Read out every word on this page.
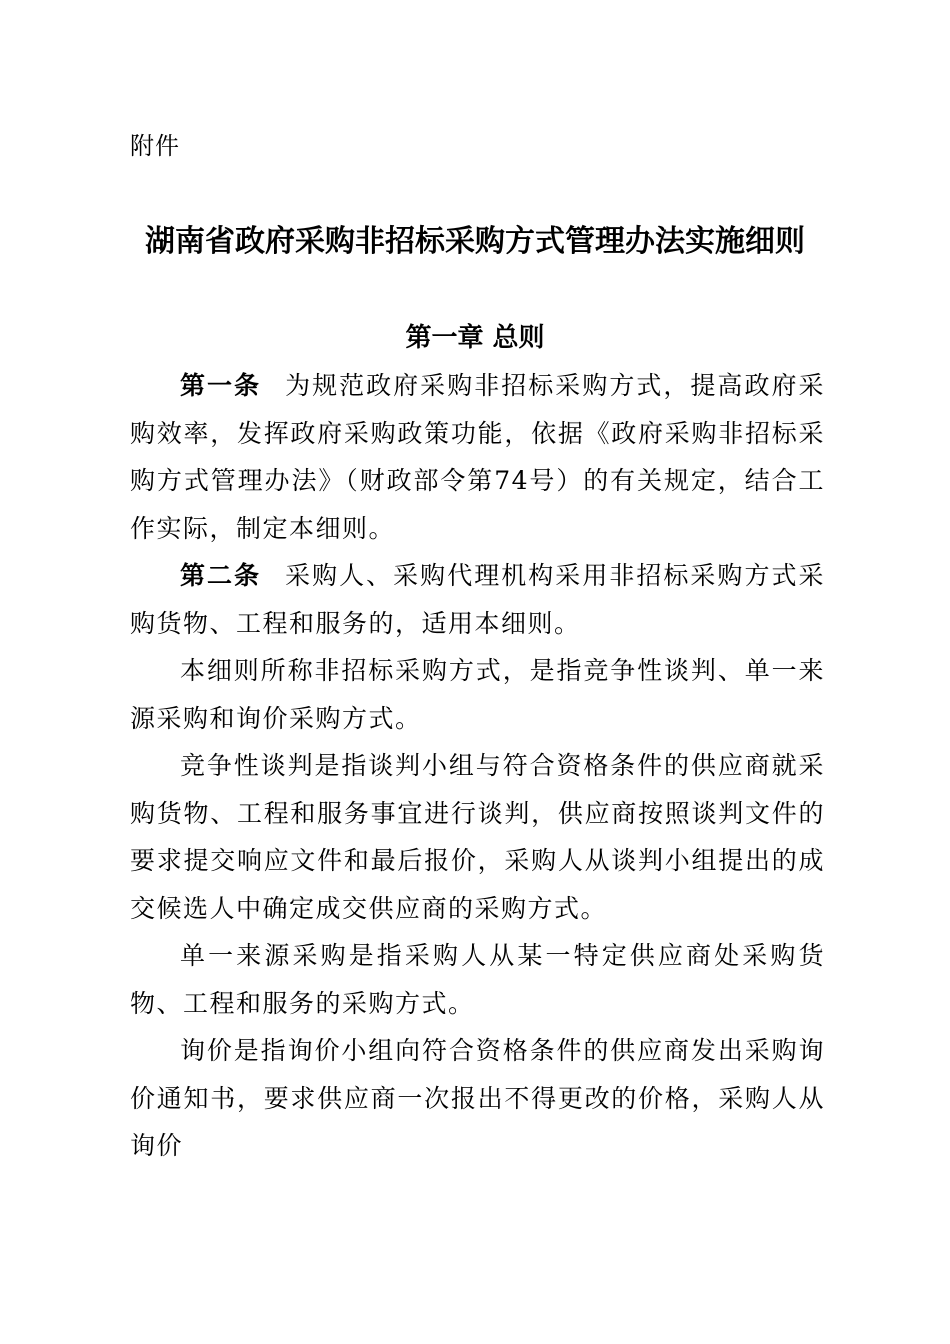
附件
湖南省政府采购非招标采购方式管理办法实施细则
第一章 总则

第一条 为规范政府采购非招标采购方式，提高政府采购效率，发挥政府采购政策功能，依据《政府采购非招标采购方式管理办法》（财政部令第74号）的有关规定，结合工作实际，制定本细则。

第二条 采购人、采购代理机构采用非招标采购方式采购货物、工程和服务的，适用本细则。

本细则所称非招标采购方式，是指竞争性谈判、单一来源采购和询价采购方式。

竞争性谈判是指谈判小组与符合资格条件的供应商就采购货物、工程和服务事宜进行谈判，供应商按照谈判文件的要求提交响应文件和最后报价，采购人从谈判小组提出的成交候选人中确定成交供应商的采购方式。

单一来源采购是指采购人从某一特定供应商处采购货物、工程和服务的采购方式。

询价是指询价小组向符合资格条件的供应商发出采购询价通知书，要求供应商一次报出不得更改的价格，采购人从询价
